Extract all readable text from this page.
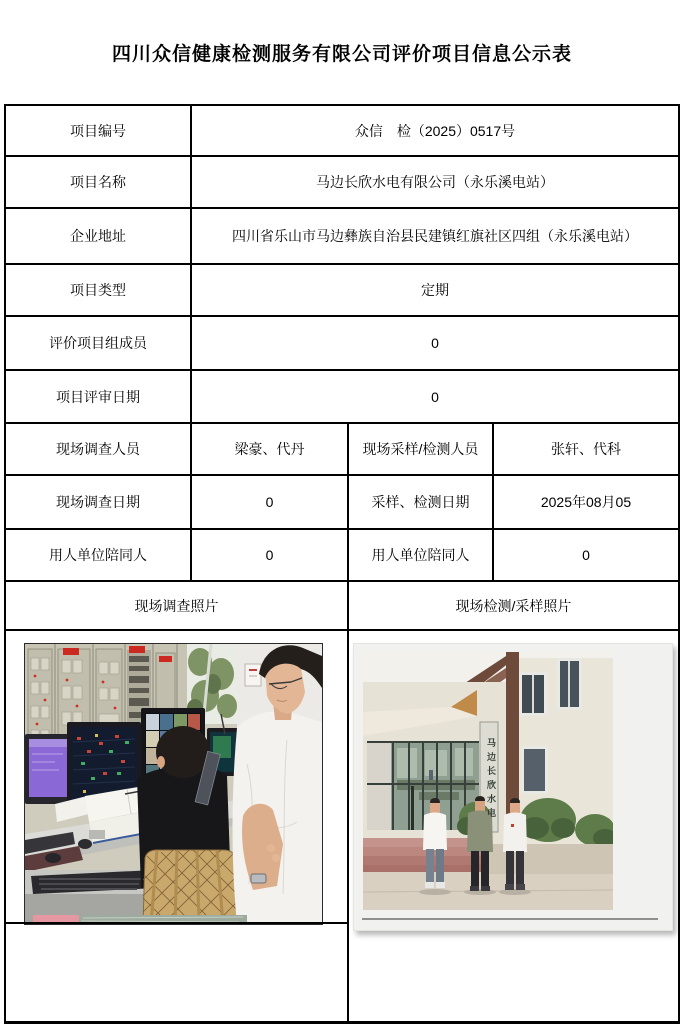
四川众信健康检测服务有限公司评价项目信息公示表
项目编号	众信　检（2025）0517号		
项目名称	马边长欣水电有限公司（永乐溪电站）		
企业地址	四川省乐山市马边彝族自治县民建镇红旗社区四组（永乐溪电站）		
项目类型	定期		
评价项目组成员	0		
项目评审日期	0		
现场调查人员	梁豪、代丹	现场采样/检测人员	张轩、代科
现场调查日期	0	采样、检测日期	2025年08月05
用人单位陪同人	0	用人单位陪同人	0
现场调查照片		现场检测/采样照片	

马边长欣水电	
